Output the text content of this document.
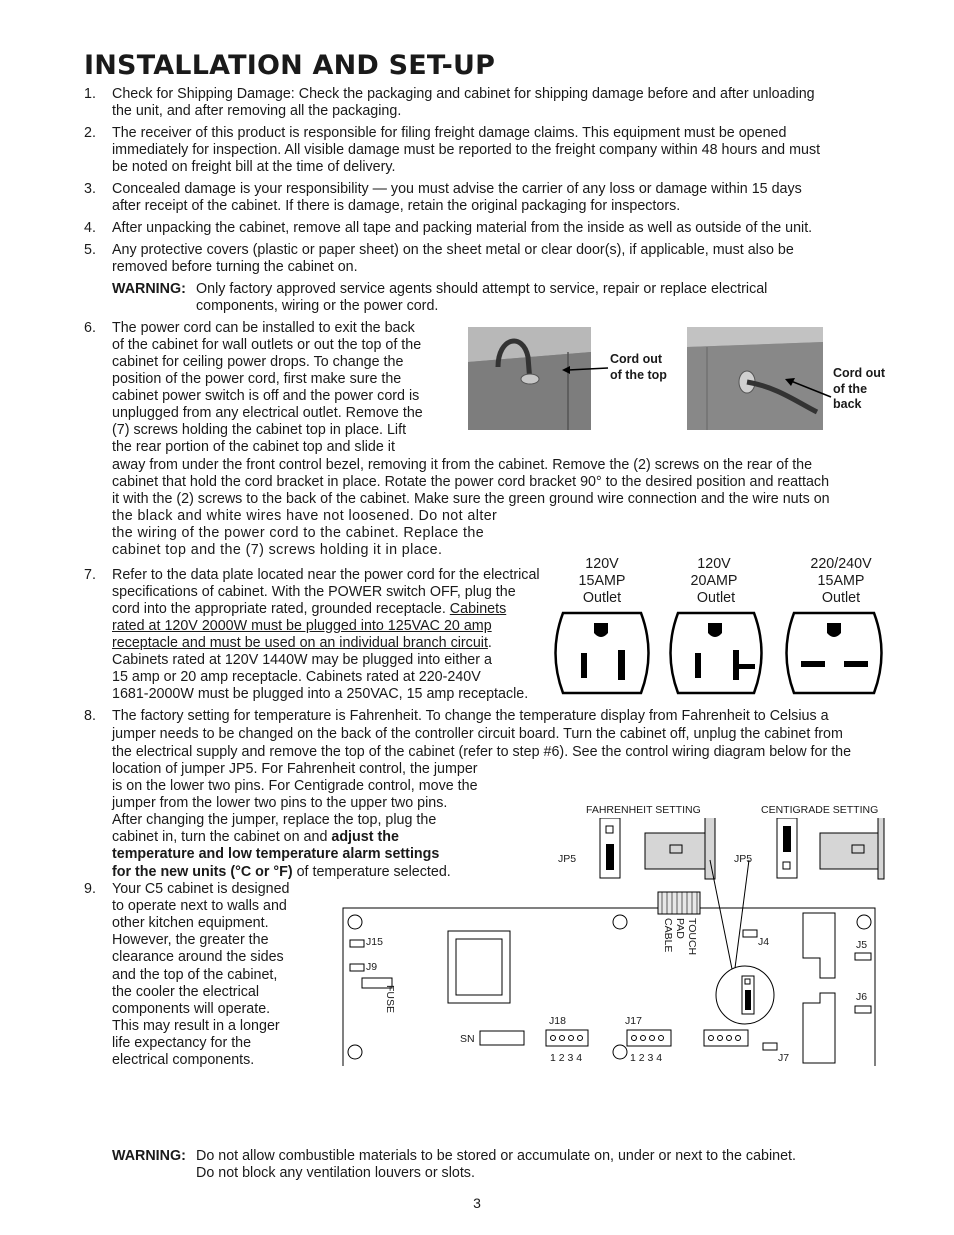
INSTALLATION AND SET-UP
1. Check for Shipping Damage: Check the packaging and cabinet for shipping damage before and after unloading
the unit, and after removing all the packaging.
2. The receiver of this product is responsible for filing freight damage claims. This equipment must be opened
immediately for inspection. All visible damage must be reported to the freight company within 48 hours and must
be noted on freight bill at the time of delivery.
3. Concealed damage is your responsibility — you must advise the carrier of any loss or damage within 15 days
after receipt of the cabinet. If there is damage, retain the original packaging for inspectors.
4. After unpacking the cabinet, remove all tape and packing material from the inside as well as outside of the unit.
5. Any protective covers (plastic or paper sheet) on the sheet metal or clear door(s), if applicable, must also be
removed before turning the cabinet on.
WARNING: Only factory approved service agents should attempt to service, repair or replace electrical
components, wiring or the power cord.
6. The power cord can be installed to exit the back
of the cabinet for wall outlets or out the top of the
cabinet for ceiling power drops. To change the
position of the power cord, first make sure the
cabinet power switch is off and the power cord is
unplugged from any electrical outlet. Remove the
(7) screws holding the cabinet top in place. Lift
the rear portion of the cabinet top and slide it
away from under the front control bezel, removing it from the cabinet. Remove the (2) screws on the rear of the
cabinet that hold the cord bracket in place. Rotate the power cord bracket 90° to the desired position and reattach
it with the (2) screws to the back of the cabinet. Make sure the green ground wire connection and the wire nuts on
the black and white wires have not loosened. Do not alter
the wiring of the power cord to the cabinet. Replace the
cabinet top and the (7) screws holding it in place.
Cord out
of the top	Cord out
of the
back
7. Refer to the data plate located near the power cord for the electrical
specifications of cabinet. With the POWER switch OFF, plug the
cord into the appropriate rated, grounded receptacle. Cabinets
rated at 120V 2000W must be plugged into 125VAC 20 amp
receptacle and must be used on an individual branch circuit.
Cabinets rated at 120V 1440W may be plugged into either a
15 amp or 20 amp receptacle. Cabinets rated at 220-240V
1681-2000W must be plugged into a 250VAC, 15 amp receptacle.
120V
15AMP
Outlet
120V
20AMP
Outlet
220/240V
15AMP
Outlet
8. The factory setting for temperature is Fahrenheit. To change the temperature display from Fahrenheit to Celsius a
jumper needs to be changed on the back of the controller circuit board. Turn the cabinet off, unplug the cabinet from
the electrical supply and remove the top of the cabinet (refer to step #6). See the control wiring diagram below for the
location of jumper JP5. For Fahrenheit control, the jumper
is on the lower two pins. For Centigrade control, move the
jumper from the lower two pins to the upper two pins.
After changing the jumper, replace the top, plug the
cabinet in, turn the cabinet on and adjust the
temperature and low temperature alarm settings
for the new units (°C or °F) of temperature selected.
9. Your C5 cabinet is designed
to operate next to walls and
other kitchen equipment.
However, the greater the
clearance around the sides
and the top of the cabinet,
the cooler the electrical
components will operate.
This may result in a longer
life expectancy for the
electrical components.
FAHRENHEIT SETTING	CENTIGRADE SETTING
JP5	JP5
J15
J9
FUSE
SN
J18	J17
1 2 3 4	1 2 3 4
TOUCH
PAD
CABLE	J4	J5
J6
J7
WARNING: Do not allow combustible materials to be stored or accumulate on, under or next to the cabinet.
Do not block any ventilation louvers or slots.
3
